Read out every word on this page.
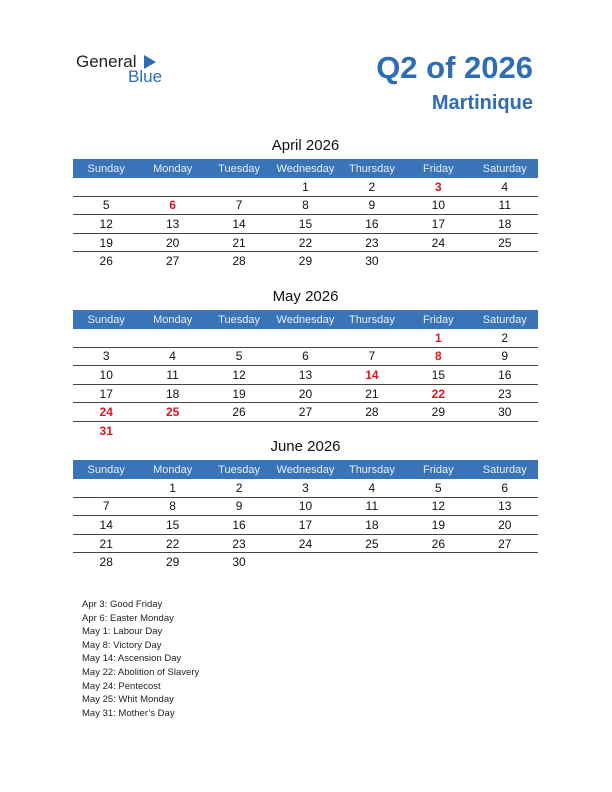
General
Blue	Q2 of 2026
Martinique
April 2026
Sunday	Monday	Tuesday	Wednesday	Thursday	Friday	Saturday
			1	2	3	4
5	6	7	8	9	10	11
12	13	14	15	16	17	18
19	20	21	22	23	24	25
26	27	28	29	30		
May 2026
Sunday	Monday	Tuesday	Wednesday	Thursday	Friday	Saturday
					1	2
3	4	5	6	7	8	9
10	11	12	13	14	15	16
17	18	19	20	21	22	23
24	25	26	27	28	29	30
31						
June 2026
Sunday	Monday	Tuesday	Wednesday	Thursday	Friday	Saturday
	1	2	3	4	5	6
7	8	9	10	11	12	13
14	15	16	17	18	19	20
21	22	23	24	25	26	27
28	29	30				
Apr 3: Good Friday
Apr 6: Easter Monday
May 1: Labour Day
May 8: Victory Day
May 14: Ascension Day
May 22: Abolition of Slavery
May 24: Pentecost
May 25: Whit Monday
May 31: Mother’s Day
